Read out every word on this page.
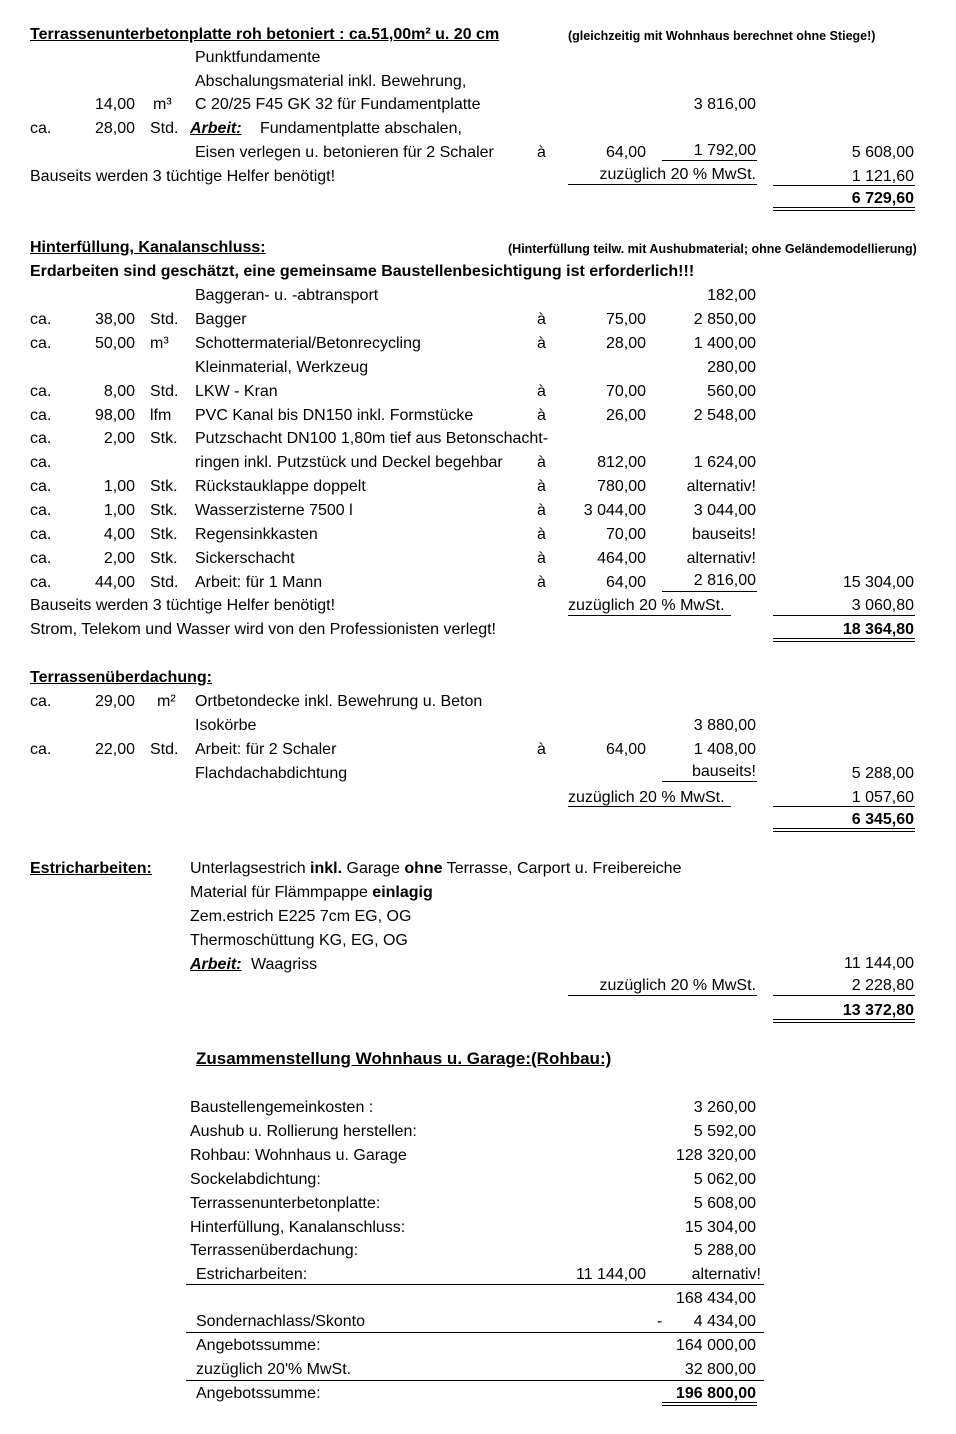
Terrassenunterbetonplatte roh betoniert : ca.51,00m² u. 20 cm	(gleichzeitig mit Wohnhaus berechnet ohne Stiege!)
Punktfundamente
Abschalungsmaterial inkl. Bewehrung,
14,00 m³ C 20/25 F45 GK 32 für Fundamentplatte	3 816,00
ca.	28,00 Std. Arbeit: Fundamentplatte abschalen,
Eisen verlegen u. betonieren für 2 Schaler	à	64,00	1 792,00	5 608,00
Bauseits werden 3 tüchtige Helfer benötigt!	zuzüglich 20 % MwSt.	1 121,60
6 729,60
Hinterfüllung, Kanalanschluss:	(Hinterfüllung teilw. mit Aushubmaterial; ohne Geländemodellierung)
Erdarbeiten sind geschätzt, eine gemeinsame Baustellenbesichtigung ist erforderlich!!!
Baggeran- u. -abtransport	182,00
ca.	38,00 Std. Bagger	à	75,00	2 850,00
ca.	50,00 m³ Schottermaterial/Betonrecycling	à	28,00	1 400,00
Kleinmaterial, Werkzeug	280,00
ca.	8,00 Std. LKW - Kran	à	70,00	560,00
ca.	98,00 lfm PVC Kanal bis DN150 inkl. Formstücke	à	26,00	2 548,00
ca.	2,00 Stk. Putzschacht DN100 1,80m tief aus Betonschacht-
ca.	ringen inkl. Putzstück und Deckel begehbar à	812,00	1 624,00
ca.	1,00 Stk. Rückstauklappe doppelt	à	780,00	alternativ!
ca.	1,00 Stk. Wasserzisterne 7500 l	à	3 044,00	3 044,00
ca.	4,00 Stk. Regensinkkasten	à	70,00	bauseits!
ca.	2,00 Stk. Sickerschacht	à	464,00	alternativ!
ca.	44,00 Std. Arbeit: für 1 Mann	à	64,00	2 816,00	15 304,00
Bauseits werden 3 tüchtige Helfer benötigt!	zuzüglich 20 % MwSt.	3 060,80
Strom, Telekom und Wasser wird von den Professionisten verlegt!	18 364,80
Terrassenüberdachung:
ca.	29,00 m² Ortbetondecke inkl. Bewehrung u. Beton
Isokörbe	3 880,00
ca.	22,00 Std. Arbeit: für 2 Schaler	à	64,00	1 408,00
Flachdachabdichtung	bauseits!	5 288,00
zuzüglich 20 % MwSt.	1 057,60
6 345,60
Estricharbeiten: Unterlagsestrich inkl. Garage ohne Terrasse, Carport u. Freibereiche
Material für Flämmpappe einlagig
Zem.estrich E225 7cm EG, OG
Thermoschüttung KG, EG, OG
Arbeit: Waagriss	11 144,00
zuzüglich 20 % MwSt.	2 228,80
13 372,80
Zusammenstellung Wohnhaus u. Garage:(Rohbau:)
Baustellengemeinkosten :	3 260,00
Aushub u. Rollierung herstellen:	5 592,00
Rohbau: Wohnhaus u. Garage	128 320,00
Sockelabdichtung:	5 062,00
Terrassenunterbetonplatte:	5 608,00
Hinterfüllung, Kanalanschluss:	15 304,00
Terrassenüberdachung:	5 288,00
Estricharbeiten:	11 144,00	alternativ!
168 434,00
Sondernachlass/Skonto	-	4 434,00
Angebotssumme:	164 000,00
zuzüglich 20'% MwSt.	32 800,00
Angebotssumme:	196 800,00
